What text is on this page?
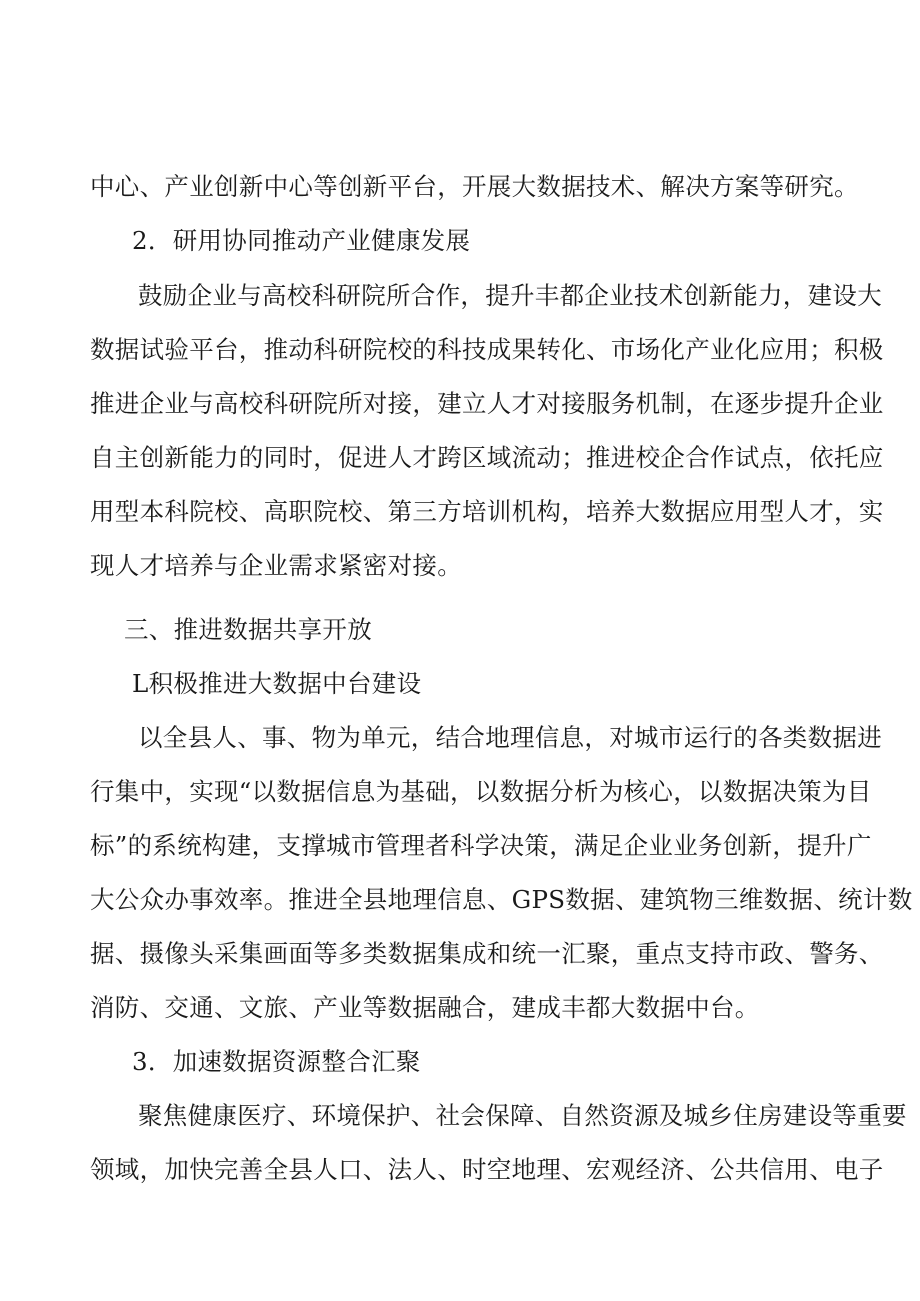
中心、产业创新中心等创新平台，开展大数据技术、解决方案等研究。
2．研用协同推动产业健康发展
鼓励企业与高校科研院所合作，提升丰都企业技术创新能力，建设大
数据试验平台，推动科研院校的科技成果转化、市场化产业化应用；积极
推进企业与高校科研院所对接，建立人才对接服务机制，在逐步提升企业
自主创新能力的同时，促进人才跨区域流动；推进校企合作试点，依托应
用型本科院校、高职院校、第三方培训机构，培养大数据应用型人才，实
现人才培养与企业需求紧密对接。
三、推进数据共享开放
L积极推进大数据中台建设
以全县人、事、物为单元，结合地理信息，对城市运行的各类数据进
行集中，实现“以数据信息为基础，以数据分析为核心，以数据决策为目
标”的系统构建，支撑城市管理者科学决策，满足企业业务创新，提升广
大公众办事效率。推进全县地理信息、GPS数据、建筑物三维数据、统计数
据、摄像头采集画面等多类数据集成和统一汇聚，重点支持市政、警务、
消防、交通、文旅、产业等数据融合，建成丰都大数据中台。
3．加速数据资源整合汇聚
聚焦健康医疗、环境保护、社会保障、自然资源及城乡住房建设等重要
领域，加快完善全县人口、法人、时空地理、宏观经济、公共信用、电子
